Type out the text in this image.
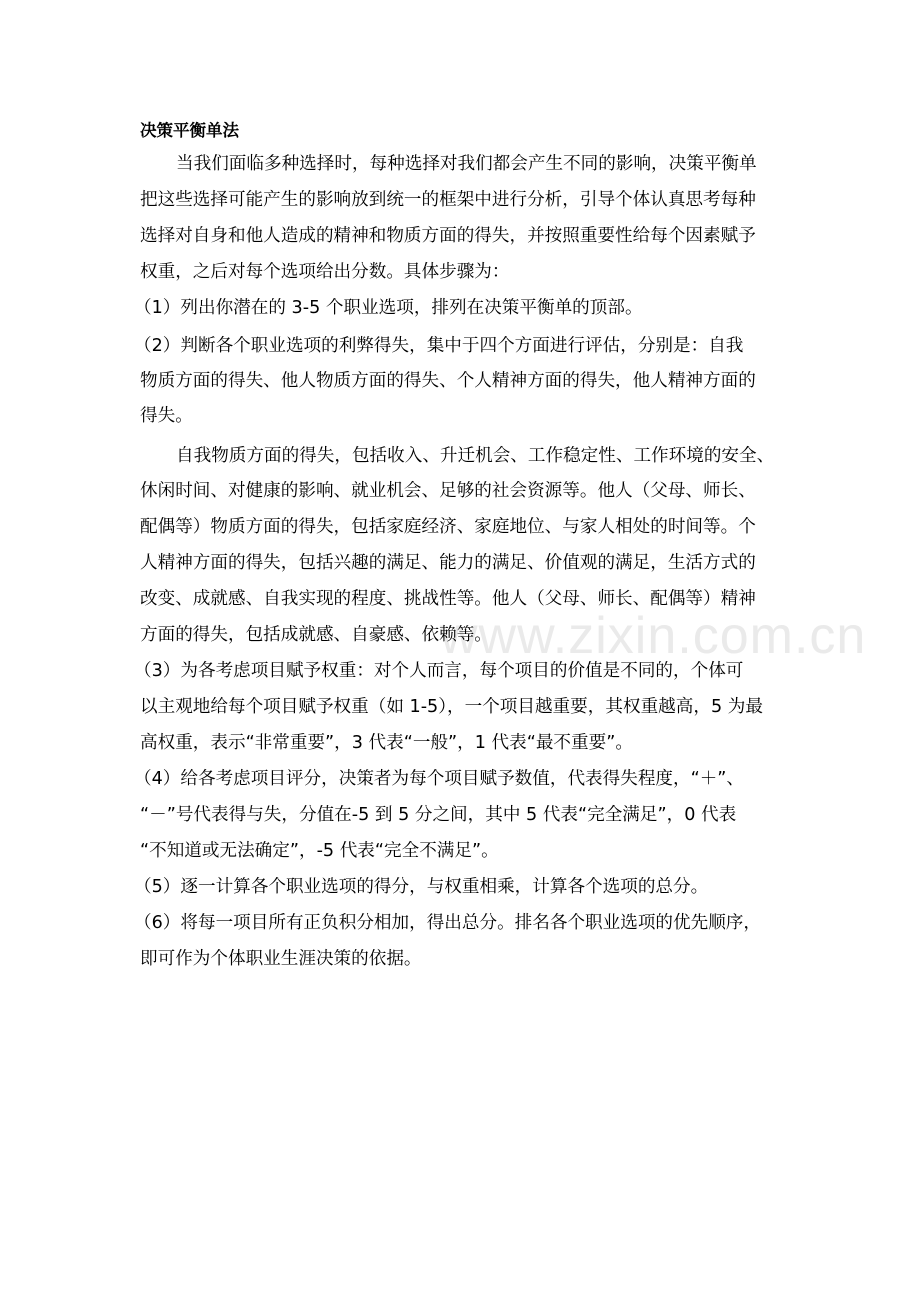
www.zixin.com.cn
决策平衡单法
当我们面临多种选择时，每种选择对我们都会产生不同的影响，决策平衡单
把这些选择可能产生的影响放到统一的框架中进行分析，引导个体认真思考每种
选择对自身和他人造成的精神和物质方面的得失，并按照重要性给每个因素赋予
权重，之后对每个选项给出分数。具体步骤为：
（1）列出你潜在的 3-5 个职业选项，排列在决策平衡单的顶部。
（2）判断各个职业选项的利弊得失，集中于四个方面进行评估，分别是：自我
物质方面的得失、他人物质方面的得失、个人精神方面的得失，他人精神方面的
得失。
自我物质方面的得失，包括收入、升迁机会、工作稳定性、工作环境的安全、
休闲时间、对健康的影响、就业机会、足够的社会资源等。他人（父母、师长、
配偶等）物质方面的得失，包括家庭经济、家庭地位、与家人相处的时间等。个
人精神方面的得失，包括兴趣的满足、能力的满足、价值观的满足，生活方式的
改变、成就感、自我实现的程度、挑战性等。他人（父母、师长、配偶等）精神
方面的得失，包括成就感、自豪感、依赖等。
（3）为各考虑项目赋予权重：对个人而言，每个项目的价值是不同的，个体可
以主观地给每个项目赋予权重（如 1-5），一个项目越重要，其权重越高，5 为最
高权重，表示“非常重要”，3 代表“一般”，1 代表“最不重要”。
（4）给各考虑项目评分，决策者为每个项目赋予数值，代表得失程度，“＋”、
“－”号代表得与失，分值在-5 到 5 分之间，其中 5 代表“完全满足”，0 代表
“不知道或无法确定”，-5 代表“完全不满足”。
（5）逐一计算各个职业选项的得分，与权重相乘，计算各个选项的总分。
（6）将每一项目所有正负积分相加，得出总分。排名各个职业选项的优先顺序，
即可作为个体职业生涯决策的依据。
